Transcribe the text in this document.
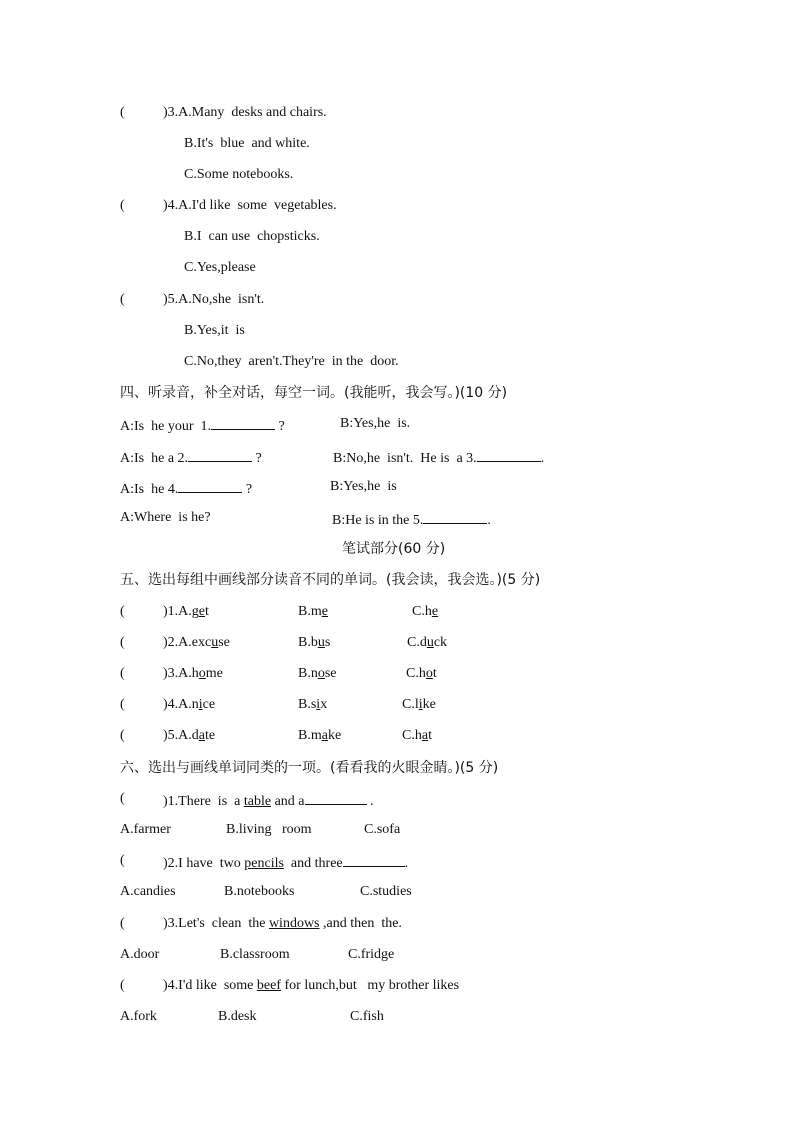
(	)3.A.Many  desks and chairs.
B.It's  blue  and white.
C.Some notebooks.
(	)4.A.I'd like  some  vegetables.
B.I  can use  chopsticks.
C.Yes,please
(	)5.A.No,she  isn't.
B.Yes,it  is
C.No,they  aren't.They're  in the  door.
四、听录音，补全对话，每空一词。(我能听，我会写。)(10 分)
A:Is  he your  1.	?	B:Yes,he  is.
A:Is  he a 2.	?	B:No,he  isn't.  He is  a 3.	.
A:Is  he 4.	?	B:Yes,he  is
A:Where  is he?	B:He is in the 5.	.
笔试部分(60 分)
五、选出每组中画线部分读音不同的单词。(我会读，我会选。)(5 分)
(	)1.A.get	B.me	C.he
(	)2.A.excuse	B.bus	C.duck
(	)3.A.home	B.nose	C.hot
(	)4.A.nice	B.six	C.like
(	)5.A.date	B.make	C.hat
六、选出与画线单词同类的一项。(看看我的火眼金睛。)(5 分)
(	)1.There  is  a table and a	.
A.farmer	B.living   room	C.sofa
(	)2.I have  two pencils  and three	.
A.candies	B.notebooks	C.studies
(	)3.Let's  clean  the windows ,and then  the.
A.door	B.classroom	C.fridge
(	)4.I'd like  some beef for lunch,but   my brother likes
A.fork	B.desk	C.fish
